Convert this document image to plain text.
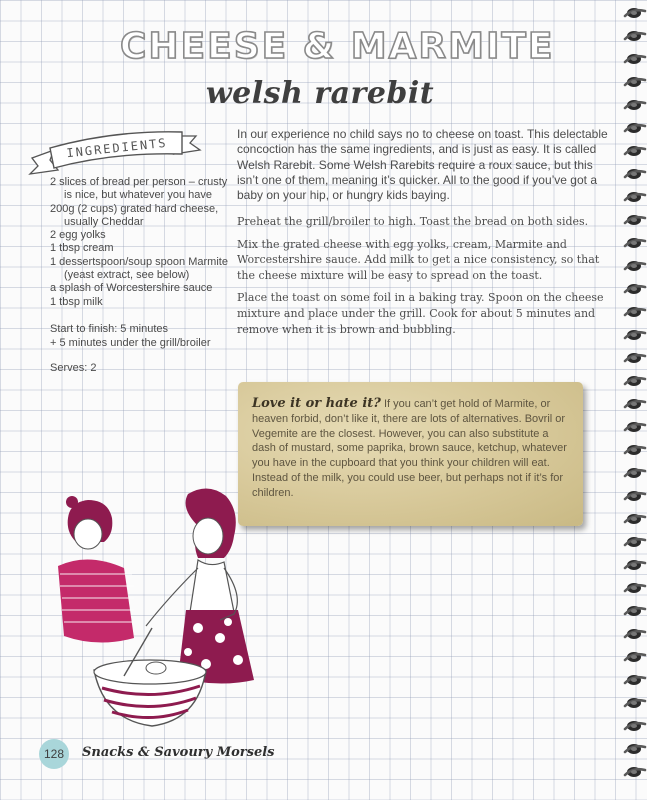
CHEESE & MARMITE
welsh rarebit
INGREDIENTS
2 slices of bread per person – crusty is nice, but whatever you have
200g (2 cups) grated hard cheese, usually Cheddar
2 egg yolks
1 tbsp cream
1 dessertspoon/soup spoon Marmite (yeast extract, see below)
a splash of Worcestershire sauce
1 tbsp milk
Start to finish: 5 minutes
+ 5 minutes under the grill/broiler
Serves: 2

In our experience no child says no to cheese on toast. This delectable concoction has the same ingredients, and is just as easy. It is called Welsh Rarebit. Some Welsh Rarebits require a roux sauce, but this isn’t one of them, meaning it’s quicker. All to the good if you’ve got a baby on your hip, or hungry kids baying.

Preheat the grill/broiler to high. Toast the bread on both sides.

Mix the grated cheese with egg yolks, cream, Marmite and Worcestershire sauce. Add milk to get a nice consistency, so that the cheese mixture will be easy to spread on the toast.

Place the toast on some foil in a baking tray. Spoon on the cheese mixture and place under the grill. Cook for about 5 minutes and remove when it is brown and bubbling.

Love it or hate it? If you can’t get hold of Marmite, or heaven forbid, don’t like it, there are lots of alternatives. Bovril or Vegemite are the closest. However, you can also substitute a dash of mustard, some paprika, brown sauce, ketchup, whatever you have in the cupboard that you think your children will eat. Instead of the milk, you could use beer, but perhaps not if it’s for children.

128 Snacks & Savoury Morsels
